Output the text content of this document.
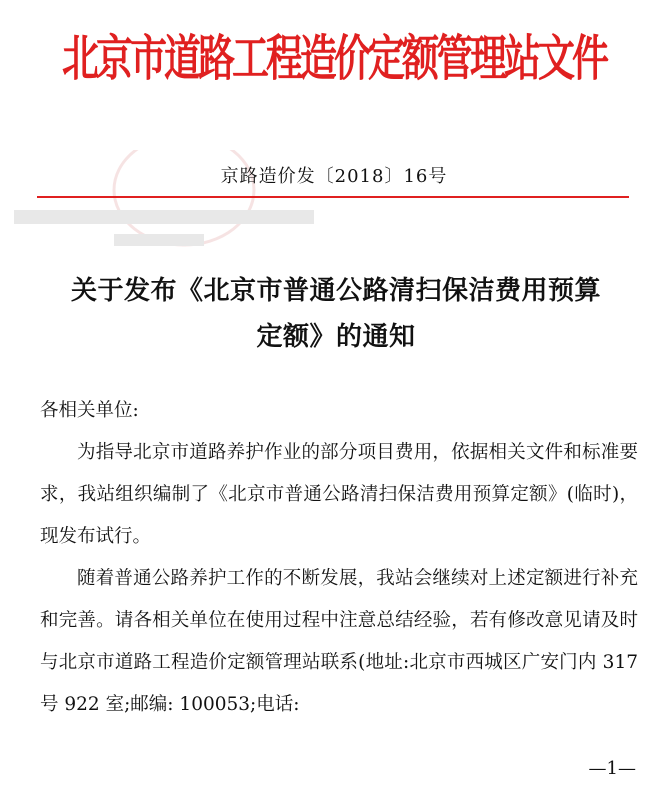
北京市道路工程造价定额管理站文件
京路造价发〔2018〕16号
关于发布《北京市普通公路清扫保洁费用预算
定额》的通知

各相关单位:

为指导北京市道路养护作业的部分项目费用，依据相关文件和标准要求，我站组织编制了《北京市普通公路清扫保洁费用预算定额》(临时)，现发布试行。

随着普通公路养护工作的不断发展，我站会继续对上述定额进行补充和完善。请各相关单位在使用过程中注意总结经验，若有修改意见请及时与北京市道路工程造价定额管理站联系(地址:北京市西城区广安门内 317 号 922 室;邮编: 100053;电话:

—1—
